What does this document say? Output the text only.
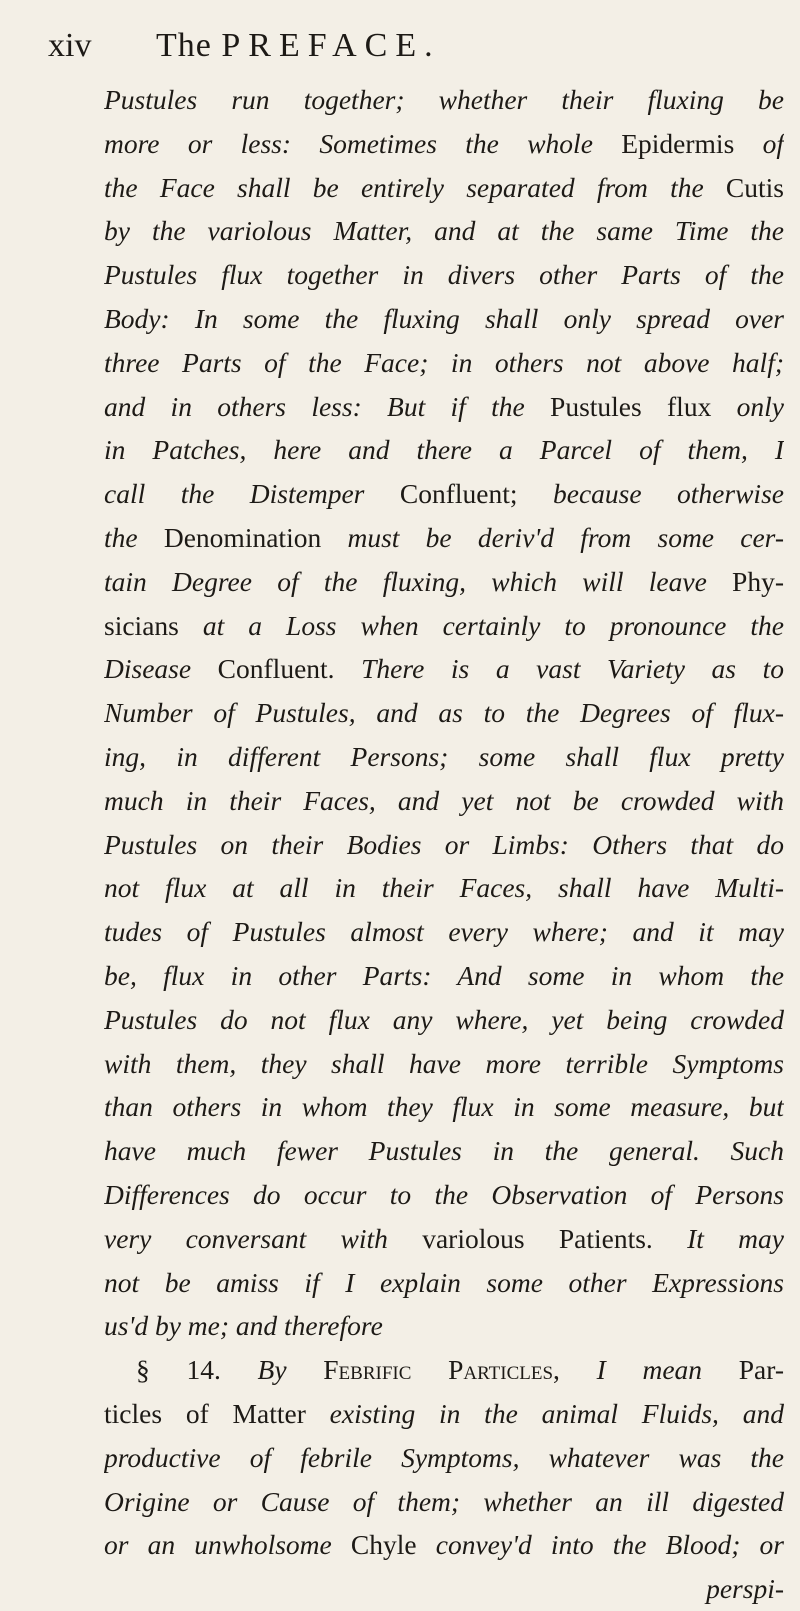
xiv The PREFACE.
Pustules run together; whether their fluxing be
more or less: Sometimes the whole Epidermis of
the Face shall be entirely separated from the Cutis
by the variolous Matter, and at the same Time the
Pustules flux together in divers other Parts of the
Body: In some the fluxing shall only spread over
three Parts of the Face; in others not above half;
and in others less: But if the Pustules flux only
in Patches, here and there a Parcel of them, I
call the Distemper Confluent; because otherwise
the Denomination must be deriv'd from some cer-
tain Degree of the fluxing, which will leave Phy-
sicians at a Loss when certainly to pronounce the
Disease Confluent. There is a vast Variety as to
Number of Pustules, and as to the Degrees of flux-
ing, in different Persons; some shall flux pretty
much in their Faces, and yet not be crowded with
Pustules on their Bodies or Limbs: Others that do
not flux at all in their Faces, shall have Multi-
tudes of Pustules almost every where; and it may
be, flux in other Parts: And some in whom the
Pustules do not flux any where, yet being crowded
with them, they shall have more terrible Symptoms
than others in whom they flux in some measure, but
have much fewer Pustules in the general. Such
Differences do occur to the Observation of Persons
very conversant with variolous Patients. It may
not be amiss if I explain some other Expressions
us'd by me; and therefore
§ 14. By Febrific Particles, I mean Par-
ticles of Matter existing in the animal Fluids, and
productive of febrile Symptoms, whatever was the
Origine or Cause of them; whether an ill digested
or an unwholsome Chyle convey'd into the Blood; or
perspi-
